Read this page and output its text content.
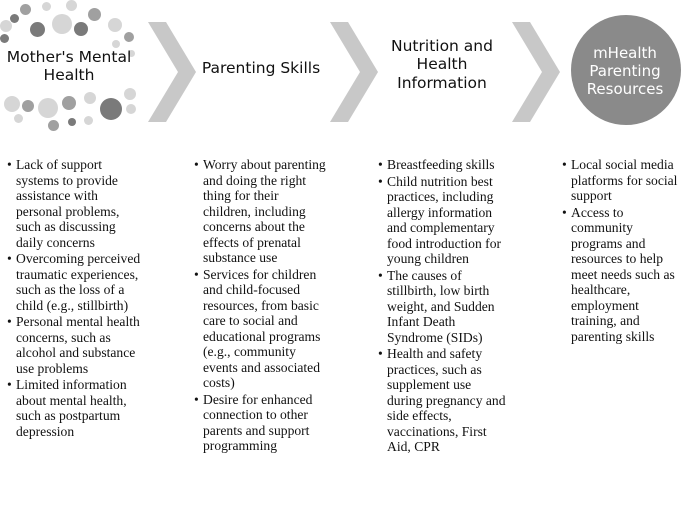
Mother's Mental Health	Parenting Skills
Nutrition and Health Information
mHealth Parenting Resources
• Lack of support systems to provide assistance with personal problems, such as discussing daily concerns
• Overcoming perceived traumatic experiences, such as the loss of a child (e.g., stillbirth)
• Personal mental health concerns, such as alcohol and substance use problems
• Limited information about mental health, such as postpartum depression
• Worry about parenting and doing the right thing for their children, including concerns about the effects of prenatal substance use
• Services for children and child-focused resources, from basic care to social and educational programs (e.g., community events and associated costs)
• Desire for enhanced connection to other parents and support programming
• Breastfeeding skills
• Child nutrition best practices, including allergy information and complementary food introduction for young children
• The causes of stillbirth, low birth weight, and Sudden Infant Death Syndrome (SIDs)
• Health and safety practices, such as supplement use during pregnancy and side effects, vaccinations, First Aid, CPR
• Local social media platforms for social support
• Access to community programs and resources to help meet needs such as healthcare, employment training, and parenting skills
